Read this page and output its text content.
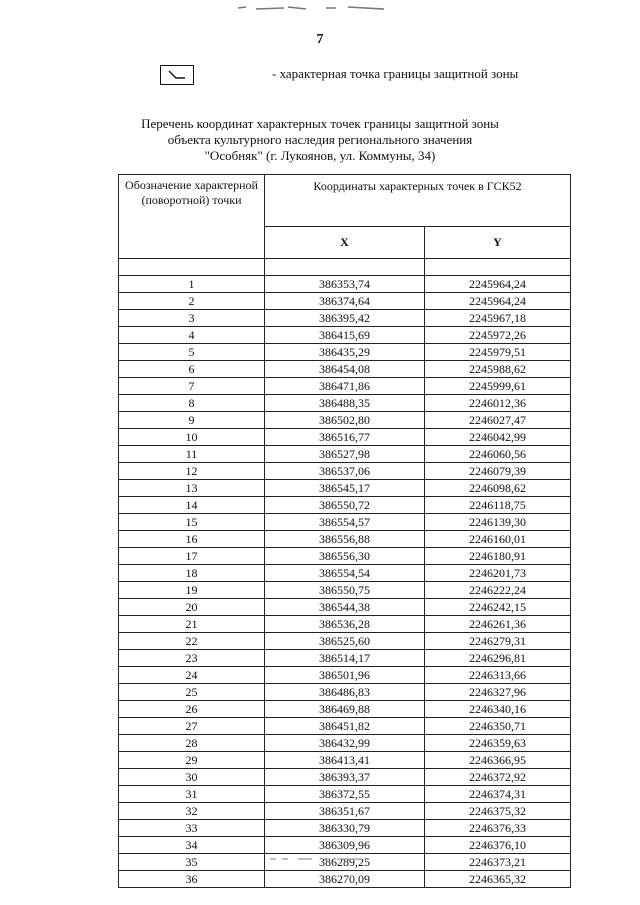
7
- характерная точка границы защитной зоны
Перечень координат характерных точек границы защитной зоны
объекта культурного наследия регионального значения
"Особняк" (г. Лукоянов, ул. Коммуны, 34)
Обозначение характерной (поворотной) точки	Координаты характерных точек в ГСК52	
	X	Y

1	386353,74	2245964,24
2	386374,64	2245964,24
3	386395,42	2245967,18
4	386415,69	2245972,26
5	386435,29	2245979,51
6	386454,08	2245988,62
7	386471,86	2245999,61
8	386488,35	2246012,36
9	386502,80	2246027,47
10	386516,77	2246042,99
11	386527,98	2246060,56
12	386537,06	2246079,39
13	386545,17	2246098,62
14	386550,72	2246118,75
15	386554,57	2246139,30
16	386556,88	2246160,01
17	386556,30	2246180,91
18	386554,54	2246201,73
19	386550,75	2246222,24
20	386544,38	2246242,15
21	386536,28	2246261,36
22	386525,60	2246279,31
23	386514,17	2246296,81
24	386501,96	2246313,66
25	386486,83	2246327,96
26	386469,88	2246340,16
27	386451,82	2246350,71
28	386432,99	2246359,63
29	386413,41	2246366,95
30	386393,37	2246372,92
31	386372,55	2246374,31
32	386351,67	2246375,32
33	386330,79	2246376,33
34	386309,96	2246376,10
35	386289,25	2246373,21
36	386270,09	2246365,32
